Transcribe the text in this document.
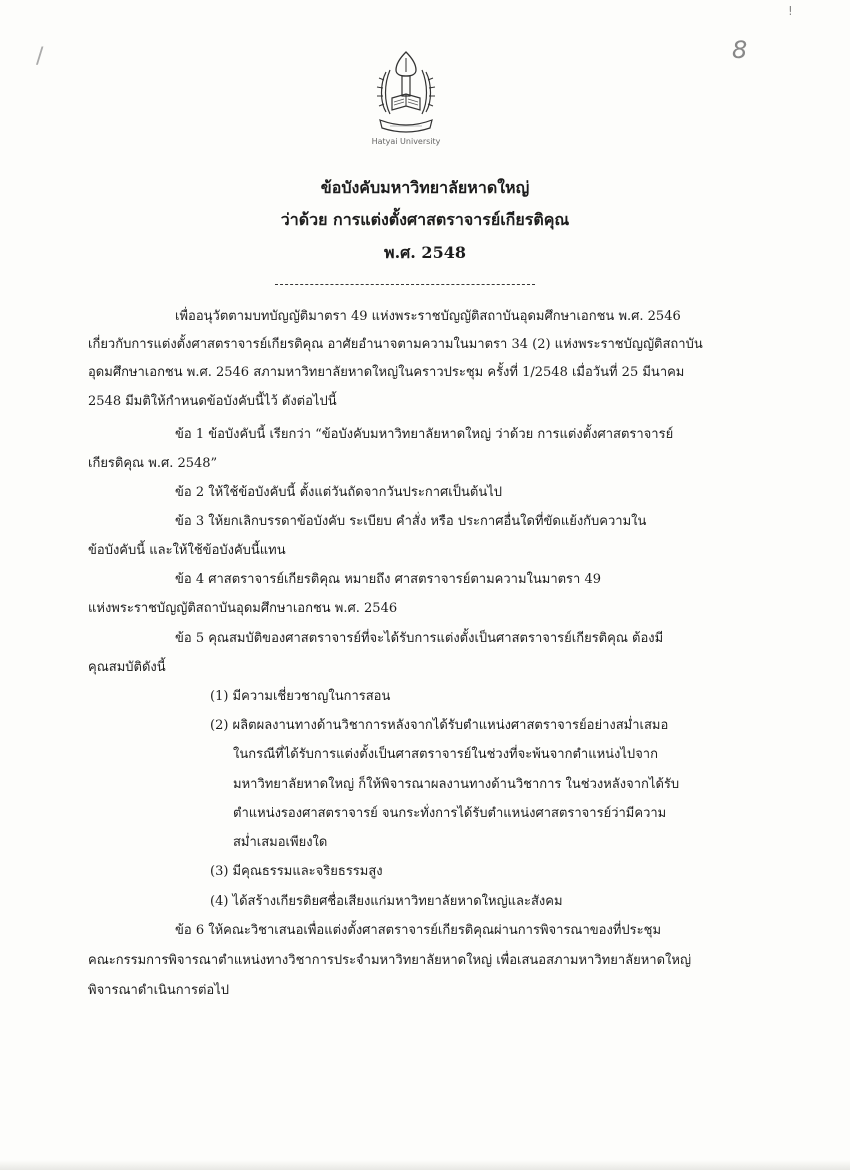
/
!
8
Hatyai University
ข้อบังคับมหาวิทยาลัยหาดใหญ่
ว่าด้วย การแต่งตั้งศาสตราจารย์เกียรติคุณ
พ.ศ. 2548
เพื่ออนุวัตตามบทบัญญัติมาตรา 49 แห่งพระราชบัญญัติสถาบันอุดมศึกษาเอกชน พ.ศ. 2546
เกี่ยวกับการแต่งตั้งศาสตราจารย์เกียรติคุณ อาศัยอำนาจตามความในมาตรา 34 (2) แห่งพระราชบัญญัติสถาบัน
อุดมศึกษาเอกชน พ.ศ. 2546 สภามหาวิทยาลัยหาดใหญ่ในคราวประชุม ครั้งที่ 1/2548 เมื่อวันที่ 25 มีนาคม
2548 มีมติให้กำหนดข้อบังคับนี้ไว้ ดังต่อไปนี้
ข้อ 1 ข้อบังคับนี้ เรียกว่า “ข้อบังคับมหาวิทยาลัยหาดใหญ่ ว่าด้วย การแต่งตั้งศาสตราจารย์
เกียรติคุณ พ.ศ. 2548”
ข้อ 2 ให้ใช้ข้อบังคับนี้ ตั้งแต่วันถัดจากวันประกาศเป็นต้นไป
ข้อ 3 ให้ยกเลิกบรรดาข้อบังคับ ระเบียบ คำสั่ง หรือ ประกาศอื่นใดที่ขัดแย้งกับความใน
ข้อบังคับนี้ และให้ใช้ข้อบังคับนี้แทน
ข้อ 4 ศาสตราจารย์เกียรติคุณ หมายถึง ศาสตราจารย์ตามความในมาตรา 49
แห่งพระราชบัญญัติสถาบันอุดมศึกษาเอกชน พ.ศ. 2546
ข้อ 5 คุณสมบัติของศาสตราจารย์ที่จะได้รับการแต่งตั้งเป็นศาสตราจารย์เกียรติคุณ ต้องมี
คุณสมบัติดังนี้
(1) มีความเชี่ยวชาญในการสอน
(2) ผลิตผลงานทางด้านวิชาการหลังจากได้รับตำแหน่งศาสตราจารย์อย่างสม่ำเสมอ
ในกรณีที่ได้รับการแต่งตั้งเป็นศาสตราจารย์ในช่วงที่จะพ้นจากตำแหน่งไปจาก
มหาวิทยาลัยหาดใหญ่ ก็ให้พิจารณาผลงานทางด้านวิชาการ ในช่วงหลังจากได้รับ
ตำแหน่งรองศาสตราจารย์ จนกระทั่งการได้รับตำแหน่งศาสตราจารย์ว่ามีความ
สม่ำเสมอเพียงใด
(3) มีคุณธรรมและจริยธรรมสูง
(4) ได้สร้างเกียรติยศชื่อเสียงแก่มหาวิทยาลัยหาดใหญ่และสังคม
ข้อ 6 ให้คณะวิชาเสนอเพื่อแต่งตั้งศาสตราจารย์เกียรติคุณผ่านการพิจารณาของที่ประชุม
คณะกรรมการพิจารณาตำแหน่งทางวิชาการประจำมหาวิทยาลัยหาดใหญ่ เพื่อเสนอสภามหาวิทยาลัยหาดใหญ่
พิจารณาดำเนินการต่อไป
